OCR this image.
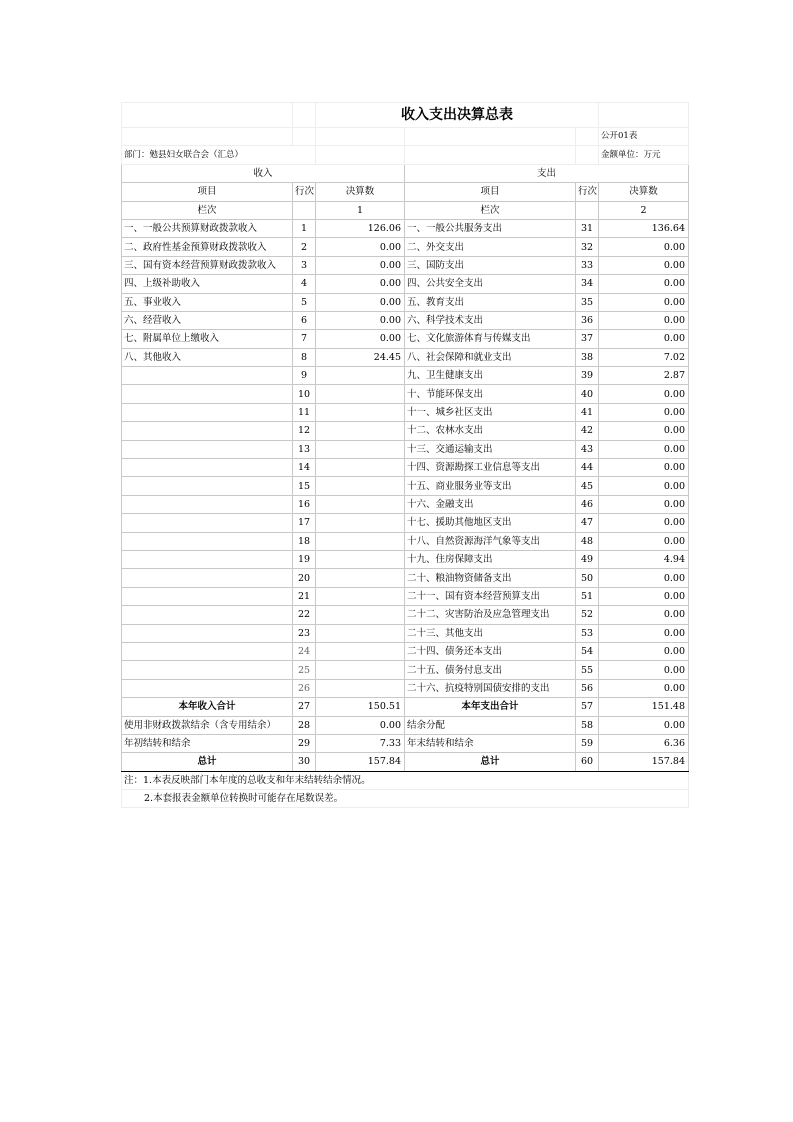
		收入支出决算总表			
					公开01表
部门：勉县妇女联合会（汇总）					金额单位：万元
收入			支出		
项目	行次	决算数	项目	行次	决算数
栏次		1	栏次		2
一、一般公共预算财政拨款收入	1	126.06	一、一般公共服务支出	31	136.64
二、政府性基金预算财政拨款收入	2	0.00	二、外交支出	32	0.00
三、国有资本经营预算财政拨款收入	3	0.00	三、国防支出	33	0.00
四、上级补助收入	4	0.00	四、公共安全支出	34	0.00
五、事业收入	5	0.00	五、教育支出	35	0.00
六、经营收入	6	0.00	六、科学技术支出	36	0.00
七、附属单位上缴收入	7	0.00	七、文化旅游体育与传媒支出	37	0.00
八、其他收入	8	24.45	八、社会保障和就业支出	38	7.02
	9		九、卫生健康支出	39	2.87
	10		十、节能环保支出	40	0.00
	11		十一、城乡社区支出	41	0.00
	12		十二、农林水支出	42	0.00
	13		十三、交通运输支出	43	0.00
	14		十四、资源勘探工业信息等支出	44	0.00
	15		十五、商业服务业等支出	45	0.00
	16		十六、金融支出	46	0.00
	17		十七、援助其他地区支出	47	0.00
	18		十八、自然资源海洋气象等支出	48	0.00
	19		十九、住房保障支出	49	4.94
	20		二十、粮油物资储备支出	50	0.00
	21		二十一、国有资本经营预算支出	51	0.00
	22		二十二、灾害防治及应急管理支出	52	0.00
	23		二十三、其他支出	53	0.00
	24		二十四、债务还本支出	54	0.00
	25		二十五、债务付息支出	55	0.00
	26		二十六、抗疫特别国债安排的支出	56	0.00
本年收入合计	27	150.51	本年支出合计	57	151.48
使用非财政拨款结余（含专用结余）	28	0.00	结余分配	58	0.00
年初结转和结余	29	7.33	年末结转和结余	59	6.36
总计	30	157.84	总计	60	157.84
注：1.本表反映部门本年度的总收支和年末结转结余情况。					
2.本套报表金额单位转换时可能存在尾数误差。					
